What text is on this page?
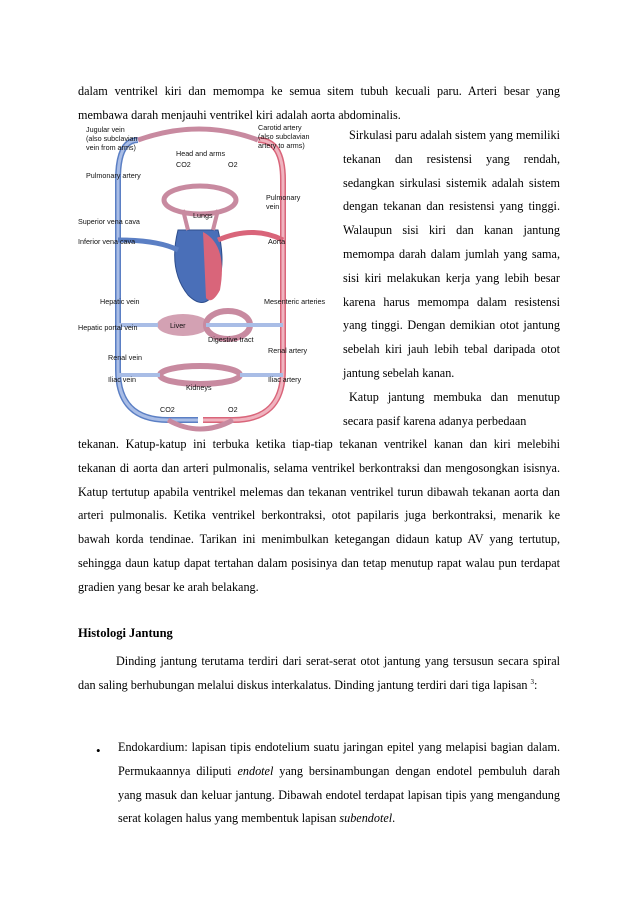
dalam ventrikel kiri dan memompa ke semua sitem tubuh kecuali paru. Arteri besar yang membawa darah menjauhi ventrikel kiri adalah aorta abdominalis.

Jugular vein
(also subclavian
vein from arms)
Head and arms
CO2	O2
Carotid artery
(also subclavian
artery to arms)
Pulmonary artery
Lungs
Pulmonary
vein
Superior vena cava
Inferior vena cava	Aorta
Heart
Hepatic vein	Mesenteric arteries
Hepatic portal vein	Liver
Digestive tract
Renal vein
Renal artery
Iliac vein
Kidneys
Iliac artery
CO2	O2

Sirkulasi paru adalah sistem yang memiliki tekanan dan resistensi yang rendah, sedangkan sirkulasi sistemik adalah sistem dengan tekanan dan resistensi yang tinggi. Walaupun sisi kiri dan kanan jantung memompa darah dalam jumlah yang sama, sisi kiri melakukan kerja yang lebih besar karena harus memompa dalam resistensi yang tinggi. Dengan demikian otot jantung sebelah kiri jauh lebih tebal daripada otot jantung sebelah kanan.

Katup jantung membuka dan menutup secara pasif karena adanya perbedaan

tekanan. Katup-katup ini terbuka ketika tiap-tiap tekanan ventrikel kanan dan kiri melebihi tekanan di aorta dan arteri pulmonalis, selama ventrikel berkontraksi dan mengosongkan isisnya. Katup tertutup apabila ventrikel melemas dan tekanan ventrikel turun dibawah tekanan aorta dan arteri pulmonalis. Ketika ventrikel berkontraksi, otot papilaris juga berkontraksi, menarik ke bawah korda tendinae. Tarikan ini menimbulkan ketegangan didaun katup AV yang tertutup, sehingga daun katup dapat tertahan dalam posisinya dan tetap menutup rapat walau pun terdapat gradien yang besar ke arah belakang.

Histologi Jantung

Dinding jantung terutama terdiri dari serat-serat otot jantung yang tersusun secara spiral dan saling berhubungan melalui diskus interkalatus. Dinding jantung terdiri dari tiga lapisan $^3$:

• Endokardium: lapisan tipis endotelium suatu jaringan epitel yang melapisi bagian dalam. Permukaannya diliputi endotel yang bersinambungan dengan endotel pembuluh darah yang masuk dan keluar jantung. Dibawah endotel terdapat lapisan tipis yang mengandung serat kolagen halus yang membentuk lapisan subendotel.
